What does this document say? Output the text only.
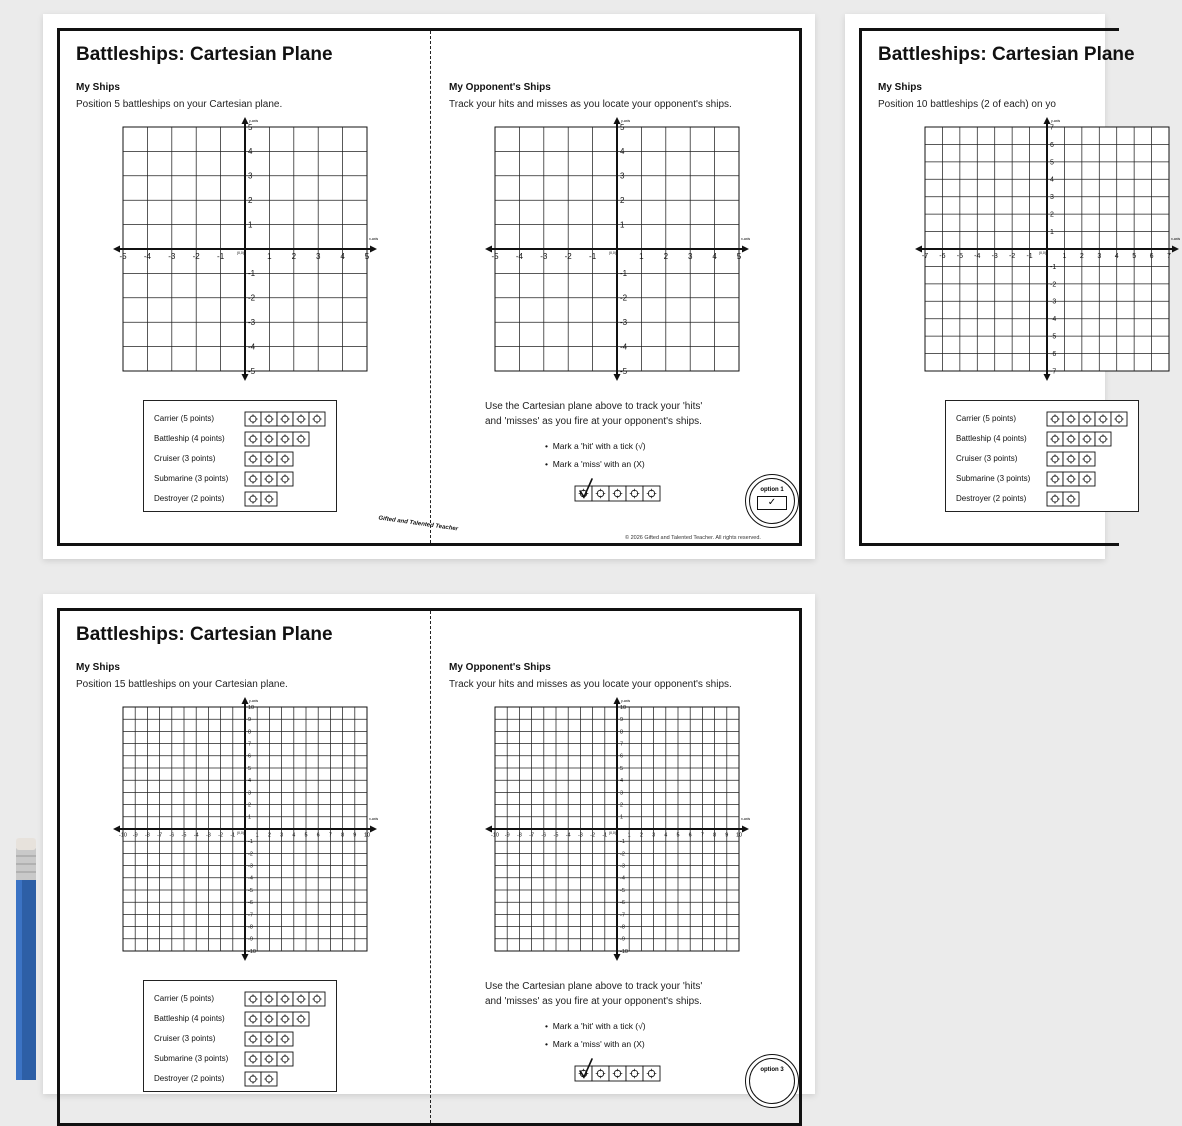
Battleships: Cartesian Plane
My Ships
Position 5 battleships on your Cartesian plane.
-5
-5
-4
-4
-3
-3
-2
-2
-1
-1
1
1
2
2
3
3
4
4
5
5
(0,0)
x-axis
y-axis
Carrier (5 points)
Battleship (4 points)
Cruiser (3 points)
Submarine (3 points)
Destroyer (2 points)
My Opponent's Ships
Track your hits and misses as you locate your opponent's ships.
-5
-5
-4
-4
-3
-3
-2
-2
-1
-1
1
1
2
2
3
3
4
4
5
5
(0,0)
x-axis
y-axis
Use the Cartesian plane above to track your 'hits'
and 'misses' as you fire at your opponent's ships.
•  Mark a 'hit' with a tick (√)
•  Mark a 'miss' with an (X)
option 1
✓
Gifted and Talented Teacher
© 2026 Gifted and Talented Teacher. All rights reserved.
Battleships: Cartesian Plane
My Ships
Position 10 battleships (2 of each) on yo
-7
-7
-6
-6
-5
-5
-4
-4
-3
-3
-2
-2
-1
-1
1
1
2
2
3
3
4
4
5
5
6
6
7
7
(0,0)
x-axis
y-axis
Carrier (5 points)
Battleship (4 points)
Cruiser (3 points)
Submarine (3 points)
Destroyer (2 points)
Battleships: Cartesian Plane
My Ships
Position 15 battleships on your Cartesian plane.
-10
-10
-9
-9
-8
-8
-7
-7
-6
-6
-5
-5
-4
-4
-3
-3
-2
-2
-1
-1
1
1
2
2
3
3
4
4
5
5
6
6
7
7
8
8
9
9
10
10
(0,0)
x-axis
y-axis
Carrier (5 points)
Battleship (4 points)
Cruiser (3 points)
Submarine (3 points)
Destroyer (2 points)
My Opponent's Ships
Track your hits and misses as you locate your opponent's ships.
-10
-10
-9
-9
-8
-8
-7
-7
-6
-6
-5
-5
-4
-4
-3
-3
-2
-2
-1
-1
1
1
2
2
3
3
4
4
5
5
6
6
7
7
8
8
9
9
10
10
(0,0)
x-axis
y-axis
Use the Cartesian plane above to track your 'hits'
and 'misses' as you fire at your opponent's ships.
•  Mark a 'hit' with a tick (√)
•  Mark a 'miss' with an (X)
option 3
